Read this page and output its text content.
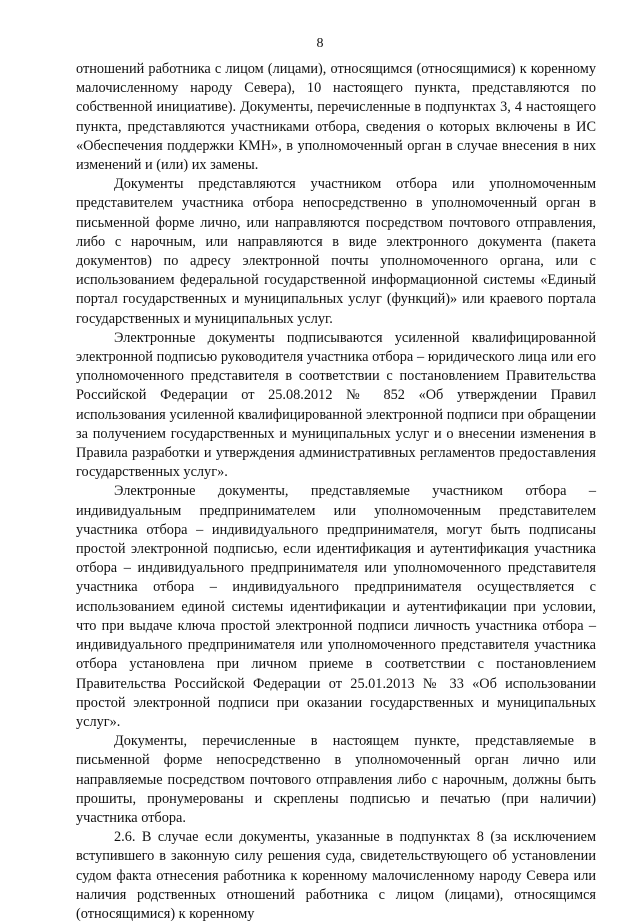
8

отношений работника с лицом (лицами), относящимся (относящимися) к коренному малочисленному народу Севера), 10 настоящего пункта, представляются по собственной инициативе). Документы, перечисленные в подпунктах 3, 4 настоящего пункта, представляются участниками отбора, сведения о которых включены в ИС «Обеспечения поддержки КМН», в уполномоченный орган в случае внесения в них изменений и (или) их замены.

Документы представляются участником отбора или уполномоченным представителем участника отбора непосредственно в уполномоченный орган в письменной форме лично, или направляются посредством почтового отправления, либо с нарочным, или направляются в виде электронного документа (пакета документов) по адресу электронной почты уполномоченного органа, или с использованием федеральной государственной информационной системы «Единый портал государственных и муниципальных услуг (функций)» или краевого портала государственных и муниципальных услуг.

Электронные документы подписываются усиленной квалифицированной электронной подписью руководителя участника отбора – юридического лица или его уполномоченного представителя в соответствии с постановлением Правительства Российской Федерации от 25.08.2012 № 852 «Об утверждении Правил использования усиленной квалифицированной электронной подписи при обращении за получением государственных и муниципальных услуг и о внесении изменения в Правила разработки и утверждения административных регламентов предоставления государственных услуг».

Электронные документы, представляемые участником отбора – индивидуальным предпринимателем или уполномоченным представителем участника отбора – индивидуального предпринимателя, могут быть подписаны простой электронной подписью, если идентификация и аутентификация участника отбора – индивидуального предпринимателя или уполномоченного представителя участника отбора – индивидуального предпринимателя осуществляется с использованием единой системы идентификации и аутентификации при условии, что при выдаче ключа простой электронной подписи личность участника отбора – индивидуального предпринимателя или уполномоченного представителя участника отбора установлена при личном приеме в соответствии с постановлением Правительства Российской Федерации от 25.01.2013 № 33 «Об использовании простой электронной подписи при оказании государственных и муниципальных услуг».

Документы, перечисленные в настоящем пункте, представляемые в письменной форме непосредственно в уполномоченный орган лично или направляемые посредством почтового отправления либо с нарочным, должны быть прошиты, пронумерованы и скреплены подписью и печатью (при наличии) участника отбора.

2.6. В случае если документы, указанные в подпунктах 8 (за исключением вступившего в законную силу решения суда, свидетельствующего об установлении судом факта отнесения работника к коренному малочисленному народу Севера или наличия родственных отношений работника с лицом (лицами), относящимся (относящимися) к коренному
